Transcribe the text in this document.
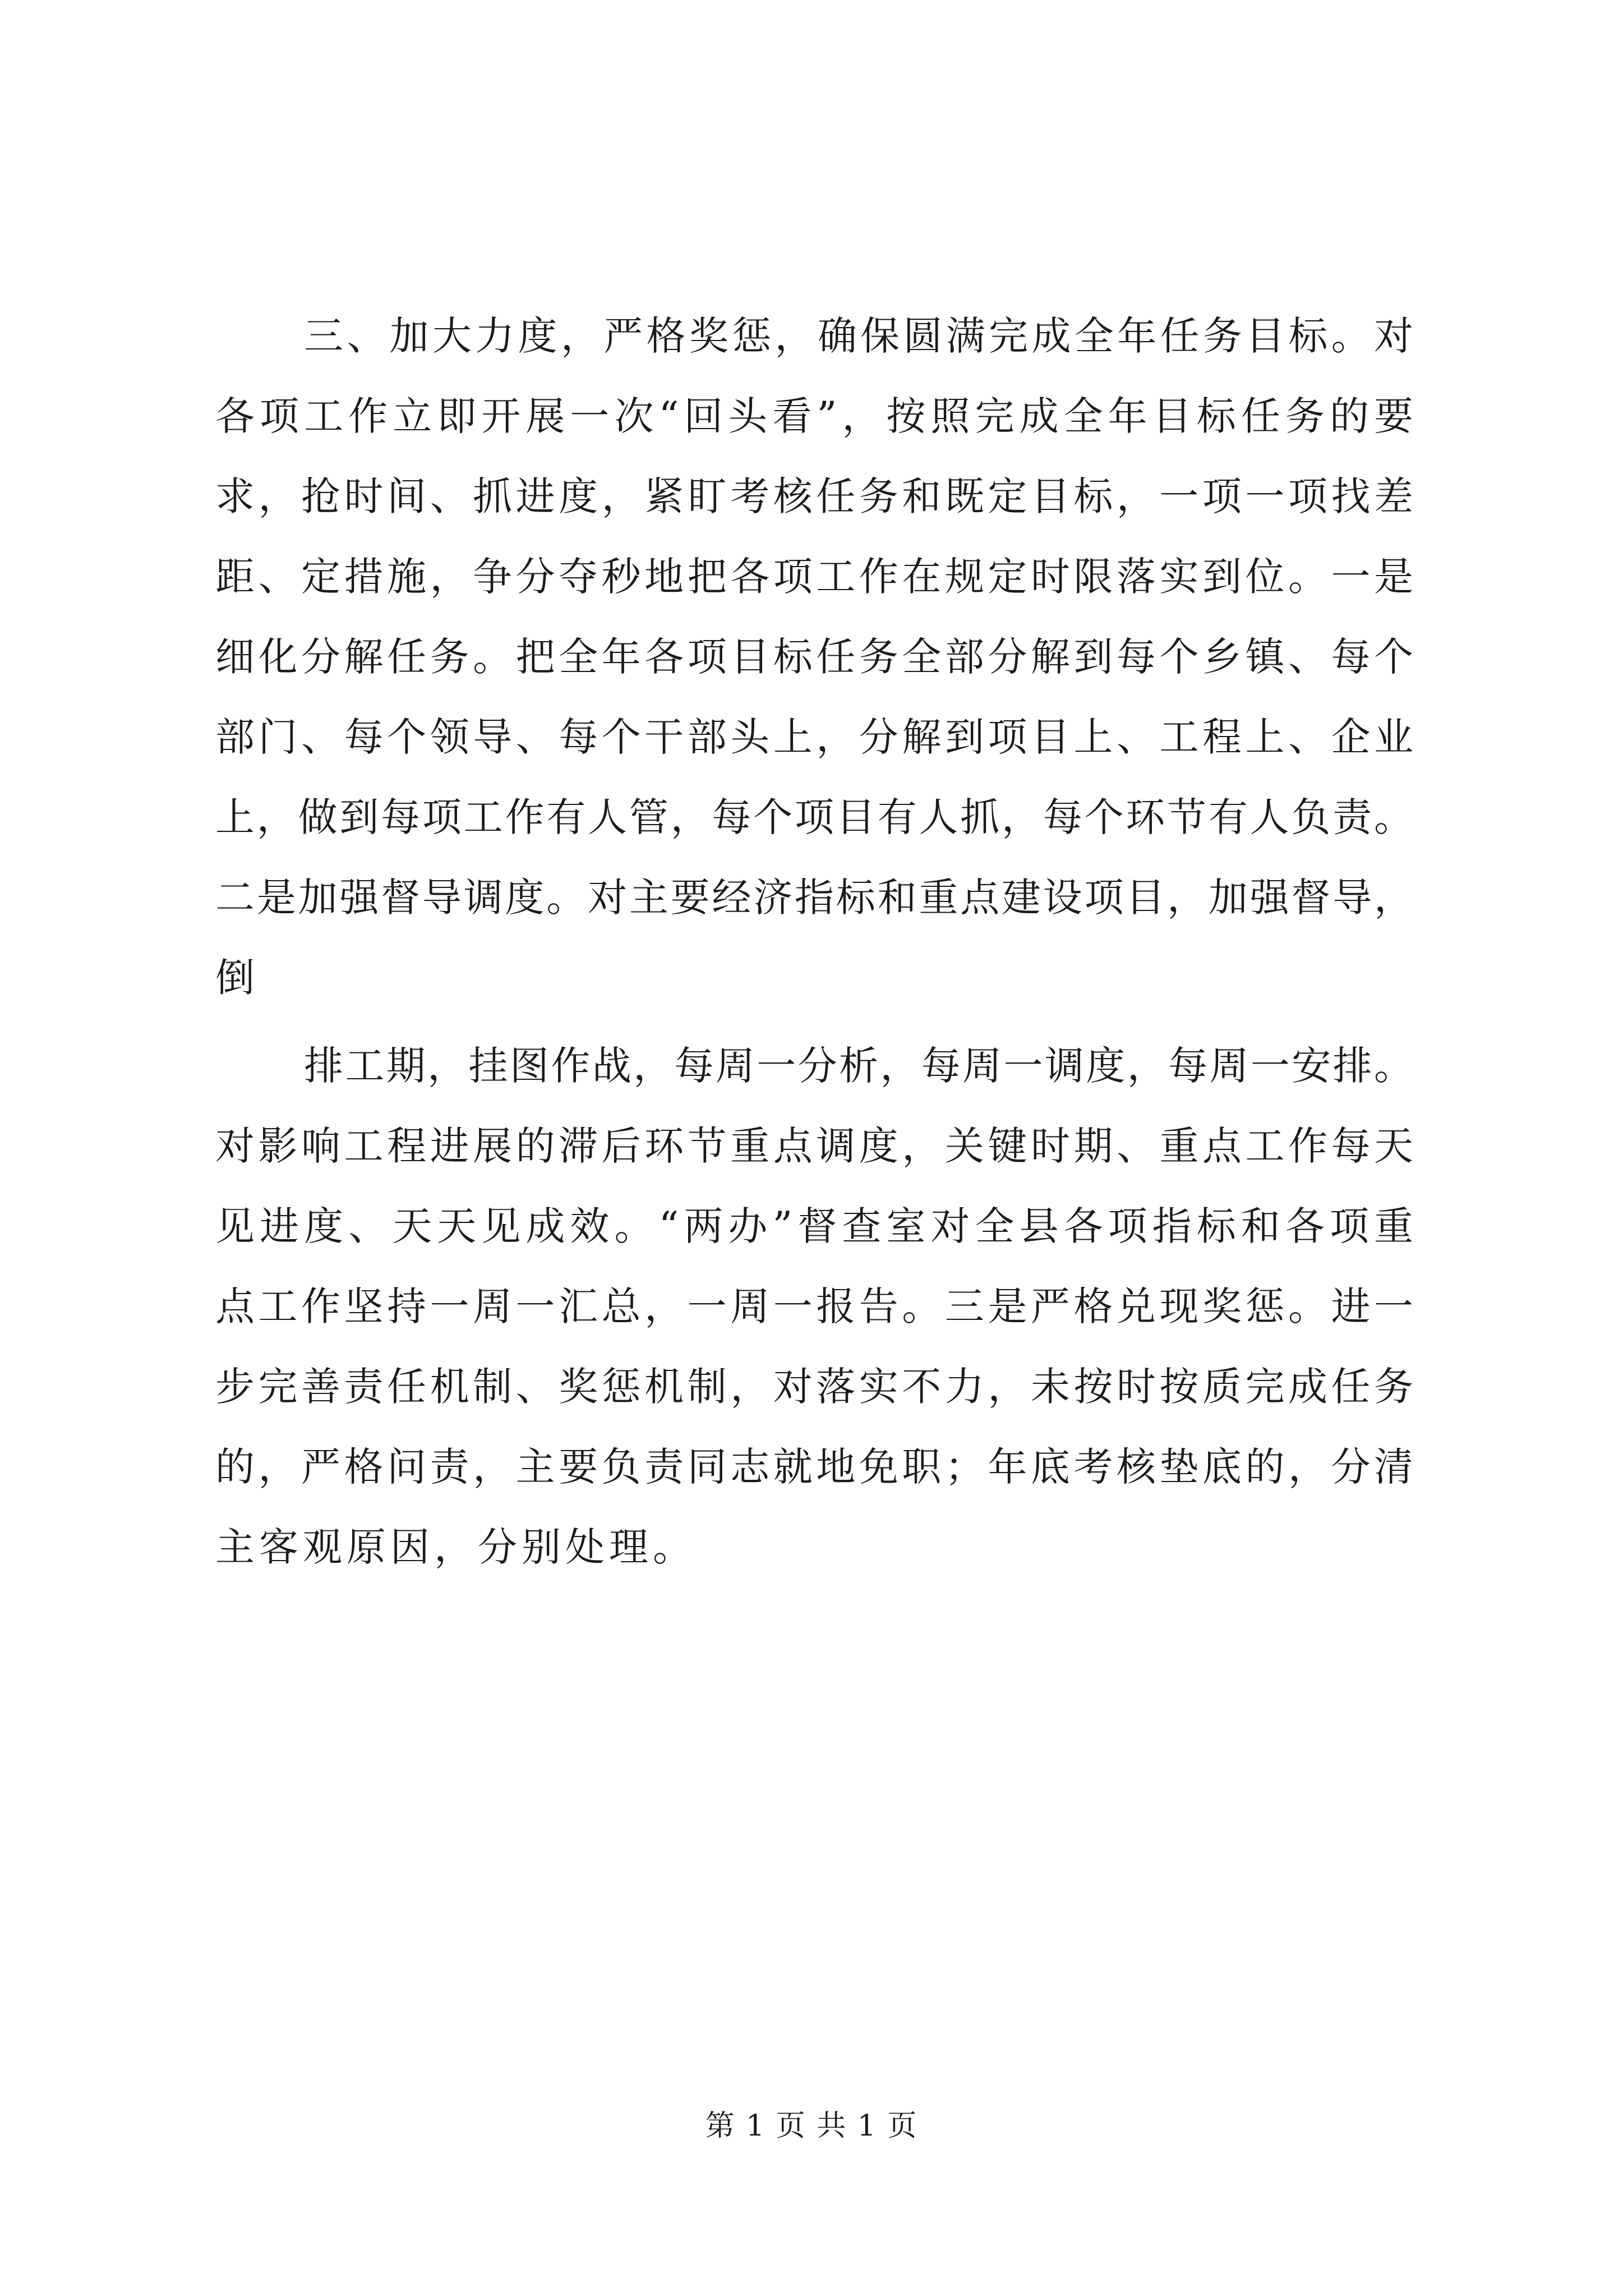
三、加大力度，严格奖惩，确保圆满完成全年任务目标。对
各项工作立即开展一次“回头看”，按照完成全年目标任务的要
求，抢时间、抓进度，紧盯考核任务和既定目标，一项一项找差
距、定措施，争分夺秒地把各项工作在规定时限落实到位。一是
细化分解任务。把全年各项目标任务全部分解到每个乡镇、每个
部门、每个领导、每个干部头上，分解到项目上、工程上、企业
上，做到每项工作有人管，每个项目有人抓，每个环节有人负责。
二是加强督导调度。对主要经济指标和重点建设项目，加强督导，
倒
排工期，挂图作战，每周一分析，每周一调度，每周一安排。
对影响工程进展的滞后环节重点调度，关键时期、重点工作每天
见进度、天天见成效。“两办”督查室对全县各项指标和各项重
点工作坚持一周一汇总，一周一报告。三是严格兑现奖惩。进一
步完善责任机制、奖惩机制，对落实不力，未按时按质完成任务
的，严格问责，主要负责同志就地免职；年底考核垫底的，分清
主客观原因，分别处理。
第 1 页 共 1 页
